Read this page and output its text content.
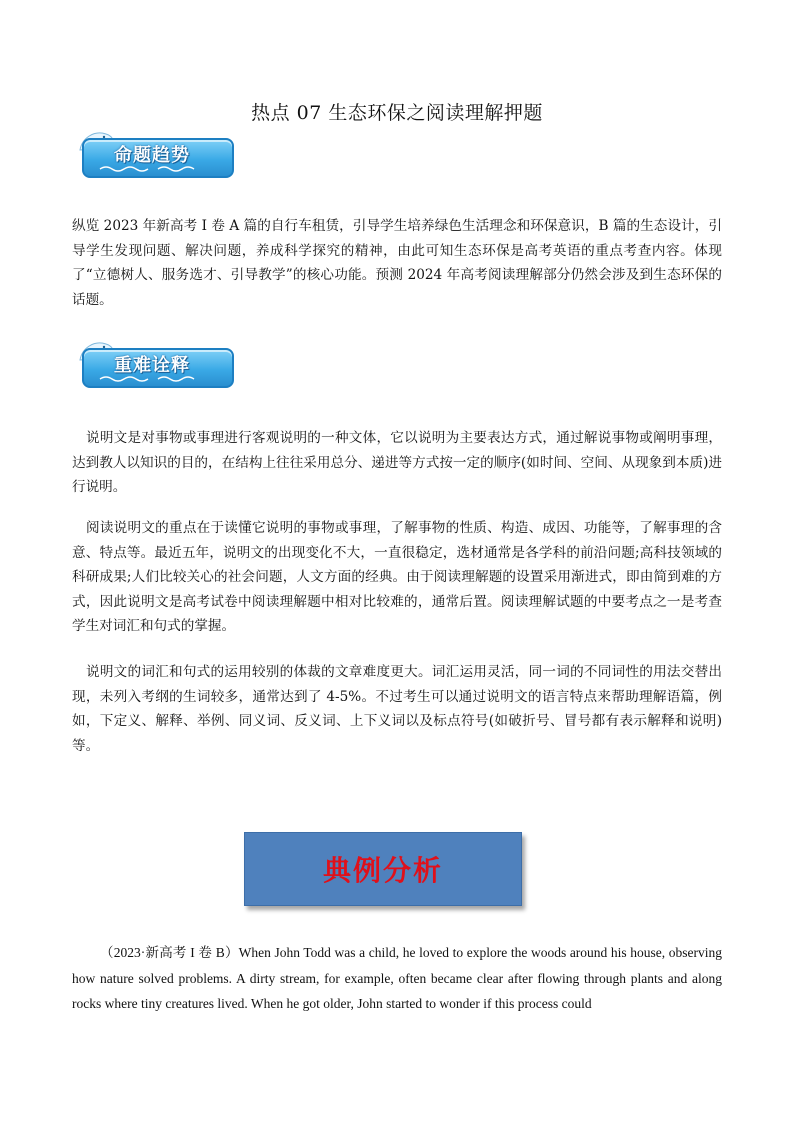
热点 07 生态环保之阅读理解押题
命题趋势

纵览 2023 年新高考 I 卷 A 篇的自行车租赁，引导学生培养绿色生活理念和环保意识，B 篇的生态设计，引导学生发现问题、解决问题，养成科学探究的精神，由此可知生态环保是高考英语的重点考查内容。体现了“立德树人、服务选才、引导教学”的核心功能。预测 2024 年高考阅读理解部分仍然会涉及到生态环保的话题。

重难诠释

说明文是对事物或事理进行客观说明的一种文体，它以说明为主要表达方式，通过解说事物或阐明事理，达到教人以知识的目的，在结构上往往采用总分、递进等方式按一定的顺序(如时间、空间、从现象到本质)进行说明。

阅读说明文的重点在于读懂它说明的事物或事理，了解事物的性质、构造、成因、功能等，了解事理的含意、特点等。最近五年，说明文的出现变化不大，一直很稳定，选材通常是各学科的前沿问题;高科技领域的科研成果;人们比较关心的社会问题，人文方面的经典。由于阅读理解题的设置采用渐进式，即由简到难的方式，因此说明文是高考试卷中阅读理解题中相对比较难的，通常后置。阅读理解试题的中要考点之一是考查学生对词汇和句式的掌握。

说明文的词汇和句式的运用较别的体裁的文章难度更大。词汇运用灵活，同一词的不同词性的用法交替出现，未列入考纲的生词较多，通常达到了 4-5%。不过考生可以通过说明文的语言特点来帮助理解语篇，例如，下定义、解释、举例、同义词、反义词、上下义词以及标点符号(如破折号、冒号都有表示解释和说明)等。

典例分析

（2023·新高考 I 卷 B）When John Todd was a child, he loved to explore the woods around his house, observing how nature solved problems. A dirty stream, for example, often became clear after flowing through plants and along rocks where tiny creatures lived. When he got older, John started to wonder if this process could
